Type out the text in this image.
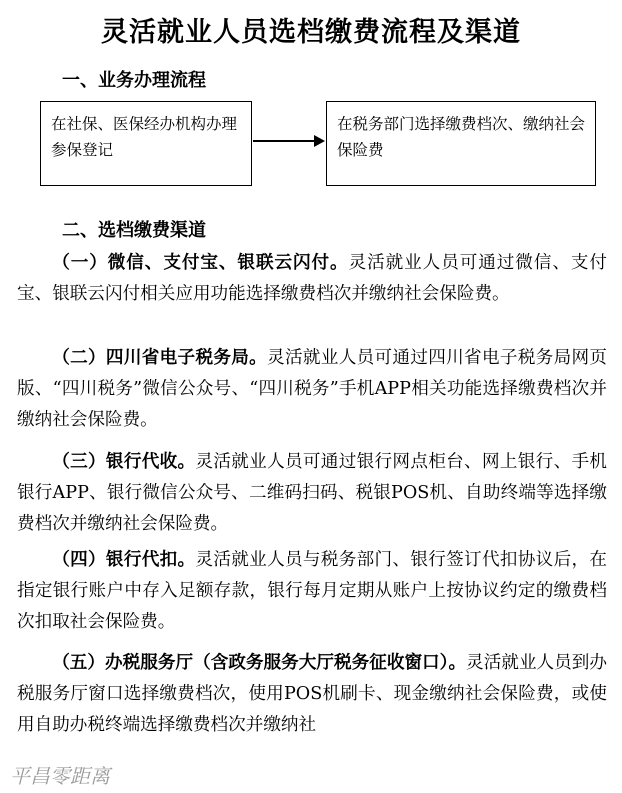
灵活就业人员选档缴费流程及渠道
一、业务办理流程
在社保、医保经办机构办理参保登记
在税务部门选择缴费档次、缴纳社会保险费
二、选档缴费渠道
（一）微信、支付宝、银联云闪付。灵活就业人员可通过微信、支付宝、银联云闪付相关应用功能选择缴费档次并缴纳社会保险费。
（二）四川省电子税务局。灵活就业人员可通过四川省电子税务局网页版、“四川税务”微信公众号、“四川税务”手机APP相关功能选择缴费档次并缴纳社会保险费。
（三）银行代收。灵活就业人员可通过银行网点柜台、网上银行、手机银行APP、银行微信公众号、二维码扫码、税银POS机、自助终端等选择缴费档次并缴纳社会保险费。
（四）银行代扣。灵活就业人员与税务部门、银行签订代扣协议后，在指定银行账户中存入足额存款，银行每月定期从账户上按协议约定的缴费档次扣取社会保险费。
（五）办税服务厅（含政务服务大厅税务征收窗口）。灵活就业人员到办税服务厅窗口选择缴费档次，使用POS机刷卡、现金缴纳社会保险费，或使用自助办税终端选择缴费档次并缴纳社
平昌零距离
